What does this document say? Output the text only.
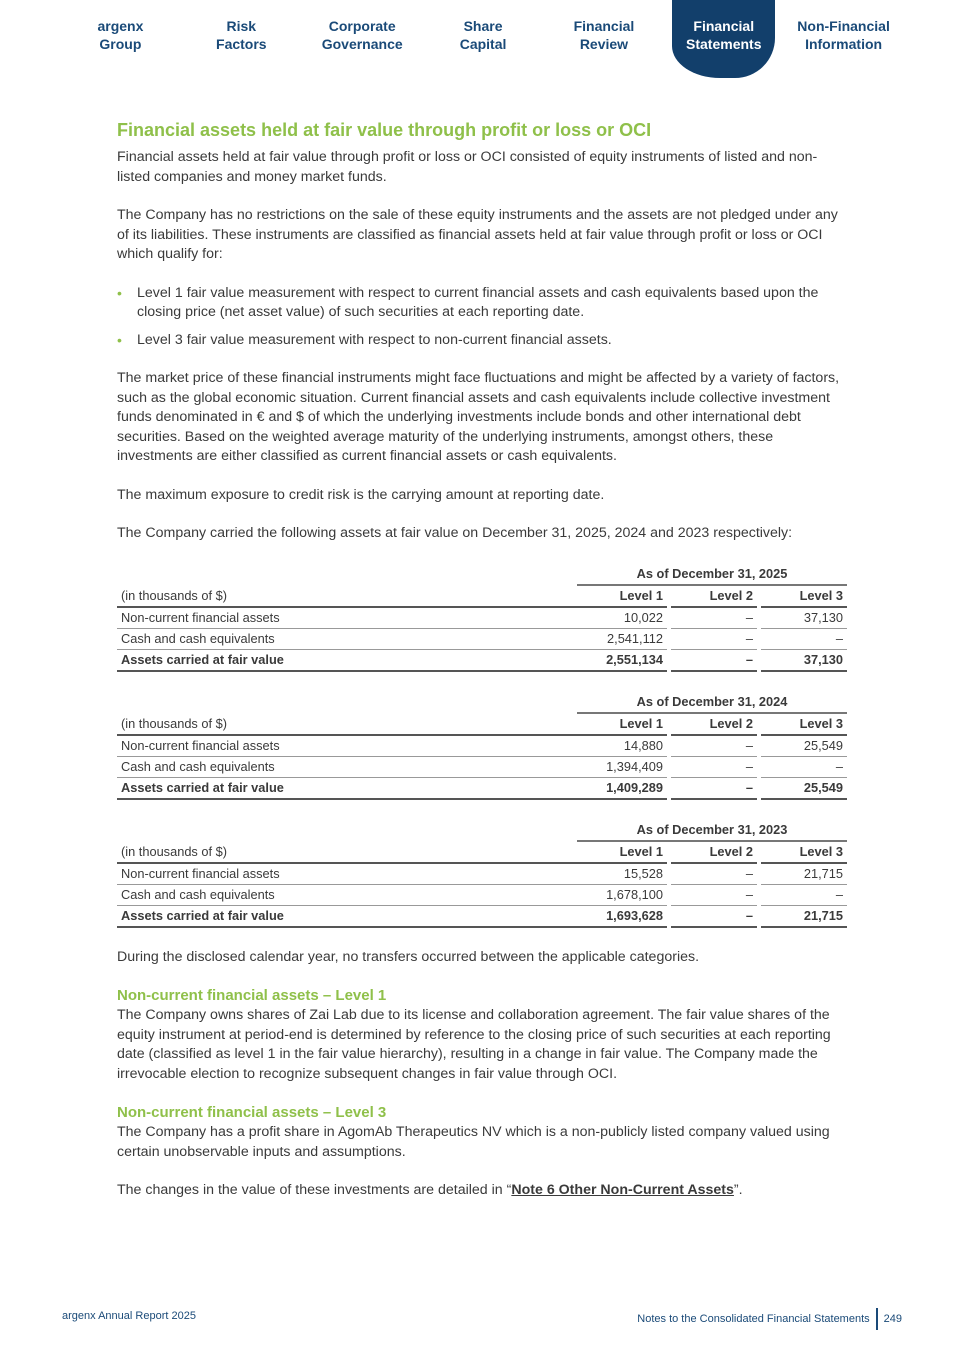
argenx
Group
Risk
Factors
Corporate
Governance
Share
Capital
Financial
Review
Financial
Statements
Non-Financial
Information
Financial assets held at fair value through profit or loss or OCI

Financial assets held at fair value through profit or loss or OCI consisted of equity instruments of listed and non-listed companies and money market funds.

The Company has no restrictions on the sale of these equity instruments and the assets are not pledged under any of its liabilities. These instruments are classified as financial assets held at fair value through profit or loss or OCI which qualify for:

• Level 1 fair value measurement with respect to current financial assets and cash equivalents based upon the closing price (net asset value) of such securities at each reporting date.
• Level 3 fair value measurement with respect to non-current financial assets.

The market price of these financial instruments might face fluctuations and might be affected by a variety of factors, such as the global economic situation. Current financial assets and cash equivalents include collective investment funds denominated in € and $ of which the underlying investments include bonds and other international debt securities. Based on the weighted average maturity of the underlying instruments, amongst others, these investments are either classified as current financial assets or cash equivalents.

The maximum exposure to credit risk is the carrying amount at reporting date.

The Company carried the following assets at fair value on December 31, 2025, 2024 and 2023 respectively:

	As of December 31, 2025				
(in thousands of $)	Level 1		Level 2		Level 3
Non-current financial assets	10,022		–		37,130
Cash and cash equivalents	2,541,112		–		–
Assets carried at fair value	2,551,134		–		37,130
	As of December 31, 2024				
(in thousands of $)	Level 1		Level 2		Level 3
Non-current financial assets	14,880		–		25,549
Cash and cash equivalents	1,394,409		–		–
Assets carried at fair value	1,409,289		–		25,549
	As of December 31, 2023				
(in thousands of $)	Level 1		Level 2		Level 3
Non-current financial assets	15,528		–		21,715
Cash and cash equivalents	1,678,100		–		–
Assets carried at fair value	1,693,628		–		21,715

During the disclosed calendar year, no transfers occurred between the applicable categories.

Non-current financial assets – Level 1

The Company owns shares of Zai Lab due to its license and collaboration agreement. The fair value shares of the equity instrument at period-end is determined by reference to the closing price of such securities at each reporting date (classified as level 1 in the fair value hierarchy), resulting in a change in fair value. The Company made the irrevocable election to recognize subsequent changes in fair value through OCI.

Non-current financial assets – Level 3

The Company has a profit share in AgomAb Therapeutics NV which is a non-publicly listed company valued using certain unobservable inputs and assumptions.

The changes in the value of these investments are detailed in “Note 6 Other Non-Current Assets”.

argenx Annual Report 2025	Notes to the Consolidated Financial Statements 249
